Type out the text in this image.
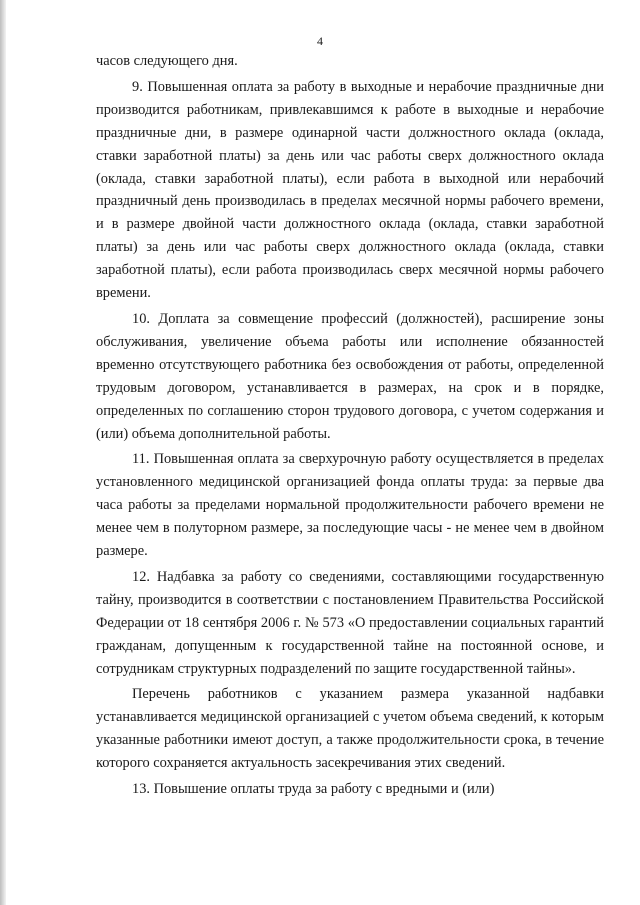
4

часов следующего дня.

9. Повышенная оплата за работу в выходные и нерабочие праздничные дни производится работникам, привлекавшимся к работе в выходные и нерабочие праздничные дни, в размере одинарной части должностного оклада (оклада, ставки заработной платы) за день или час работы сверх должностного оклада (оклада, ставки заработной платы), если работа в выходной или нерабочий праздничный день производилась в пределах месячной нормы рабочего времени, и в размере двойной части должностного оклада (оклада, ставки заработной платы) за день или час работы сверх должностного оклада (оклада, ставки заработной платы), если работа производилась сверх месячной нормы рабочего времени.

10. Доплата за совмещение профессий (должностей), расширение зоны обслуживания, увеличение объема работы или исполнение обязанностей временно отсутствующего работника без освобождения от работы, определенной трудовым договором, устанавливается в размерах, на срок и в порядке, определенных по соглашению сторон трудового договора, с учетом содержания и (или) объема дополнительной работы.

11. Повышенная оплата за сверхурочную работу осуществляется в пределах установленного медицинской организацией фонда оплаты труда: за первые два часа работы за пределами нормальной продолжительности рабочего времени не менее чем в полуторном размере, за последующие часы - не менее чем в двойном размере.

12. Надбавка за работу со сведениями, составляющими государственную тайну, производится в соответствии с постановлением Правительства Российской Федерации от 18 сентября 2006 г. № 573 «О предоставлении социальных гарантий гражданам, допущенным к государственной тайне на постоянной основе, и сотрудникам структурных подразделений по защите государственной тайны».

Перечень работников с указанием размера указанной надбавки устанавливается медицинской организацией с учетом объема сведений, к которым указанные работники имеют доступ, а также продолжительности срока, в течение которого сохраняется актуальность засекречивания этих сведений.

13. Повышение оплаты труда за работу с вредными и (или)
